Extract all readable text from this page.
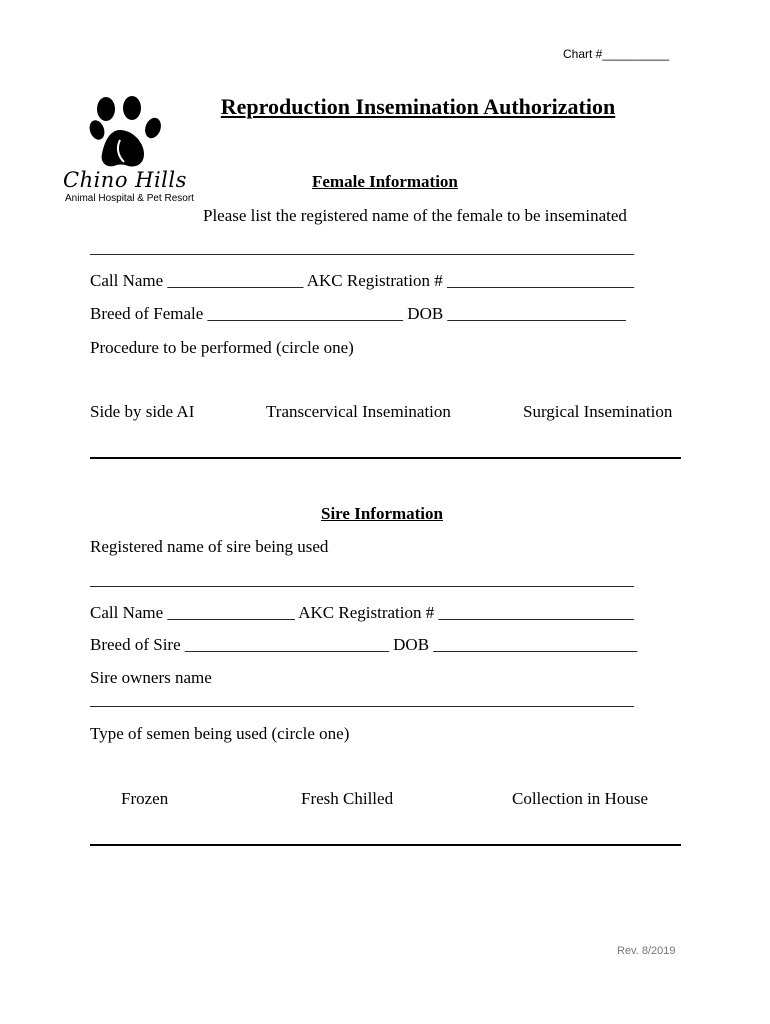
Chart #__________
Reproduction Insemination Authorization

Chino Hills

Animal Hospital & Pet Resort

Female Information
Please list the registered name of the female to be inseminated
________________________________________________________________
Call Name ________________ AKC Registration # ______________________
Breed of Female _______________________ DOB _____________________
Procedure to be performed (circle one)
Side by side AI	Transcervical Insemination	Surgical Insemination
Sire Information
Registered name of sire being used
________________________________________________________________
Call Name _______________ AKC Registration # _______________________
Breed of Sire ________________________ DOB ________________________
Sire owners name
________________________________________________________________
Type of semen being used (circle one)
Frozen	Fresh Chilled	Collection in House
Rev. 8/2019
